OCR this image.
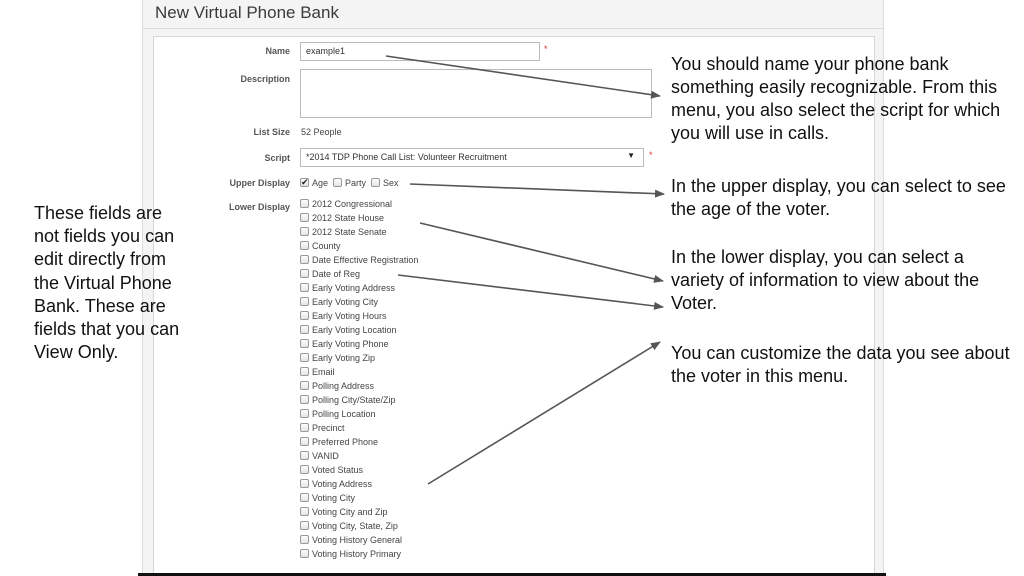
New Virtual Phone Bank
Name	example1	*
Description
List Size 52 People
Script	*2014 TDP Phone Call List: Volunteer Recruitment	▼ *
Upper Display
✔	Age Party Sex
Lower Display	2012 Congressional
2012 State House
2012 State Senate
County
Date Effective Registration
Date of Reg
Early Voting Address
Early Voting City
Early Voting Hours
Early Voting Location
Early Voting Phone
Early Voting Zip
Email
Polling Address
Polling City/State/Zip
Polling Location
Precinct
Preferred Phone
VANID
Voted Status
Voting Address
Voting City
Voting City and Zip
Voting City, State, Zip
Voting History General
Voting History Primary
You should name your phone bank something easily recognizable. From this menu, you also select the script for which you will use in calls.
In the upper display, you can select to see the age of the voter.
In the lower display, you can select a variety of information to view about the Voter.
You can customize the data you see about the voter in this menu.
These fields are not fields you can edit directly from the Virtual Phone Bank. These are fields that you can View Only.
